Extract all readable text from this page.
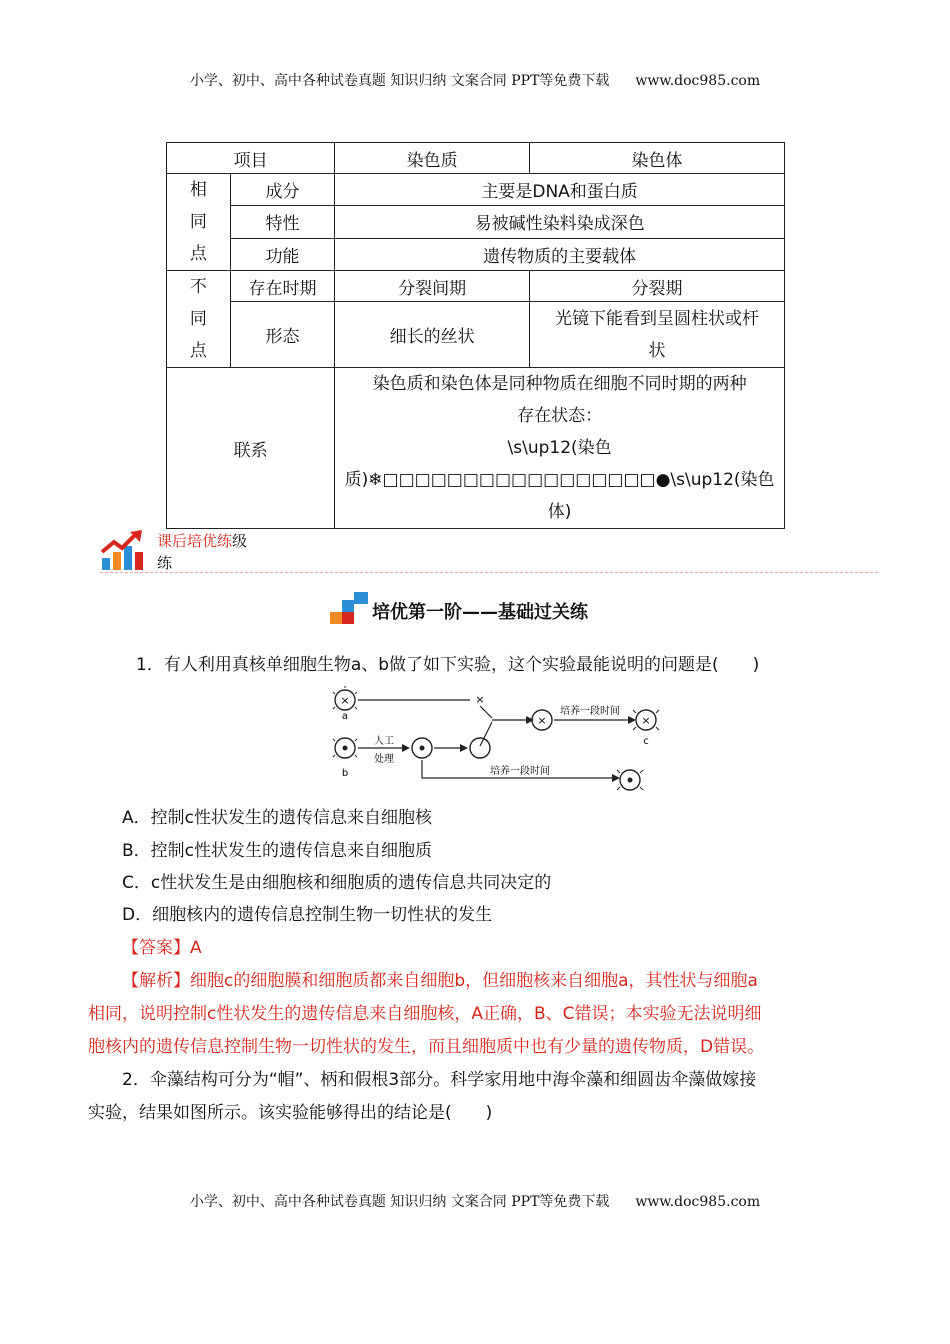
小学、初中、高中各种试卷真题 知识归纳 文案合同 PPT等免费下载 www.doc985.com
项目		染色质	染色体

相
同
点	成分	主要是DNA和蛋白质	
	特性	易被碱性染料染成深色	
	功能	遗传物质的主要载体	

不
同
点	存在时期	分裂间期	分裂期
	形态	细长的丝状	光镜下能看到呈圆柱状或杆
状

联系		染色质和染色体是同种物质在细胞不同时期的两种
存在状态：
\s\up12(染色
质)❄□□□□□□□□□□□□□□□□□●\s\up12(染色体)	
课后培优练级
练
培优第一阶——基础过关练
1．有人利用真核单细胞生物a、b做了如下实验，这个实验最能说明的问题是(　　)
×
a
×
×
培养一段时间
×
c
b
人工
处理
培养一段时间
A．控制c性状发生的遗传信息来自细胞核
B．控制c性状发生的遗传信息来自细胞质
C．c性状发生是由细胞核和细胞质的遗传信息共同决定的
D．细胞核内的遗传信息控制生物一切性状的发生
【答案】A
【解析】细胞c的细胞膜和细胞质都来自细胞b，但细胞核来自细胞a，其性状与细胞a
相同，说明控制c性状发生的遗传信息来自细胞核，A正确，B、C错误；本实验无法说明细
胞核内的遗传信息控制生物一切性状的发生，而且细胞质中也有少量的遗传物质，D错误。
2．伞藻结构可分为“帽”、柄和假根3部分。科学家用地中海伞藻和细圆齿伞藻做嫁接
实验，结果如图所示。该实验能够得出的结论是(　　)
小学、初中、高中各种试卷真题 知识归纳 文案合同 PPT等免费下载 www.doc985.com
